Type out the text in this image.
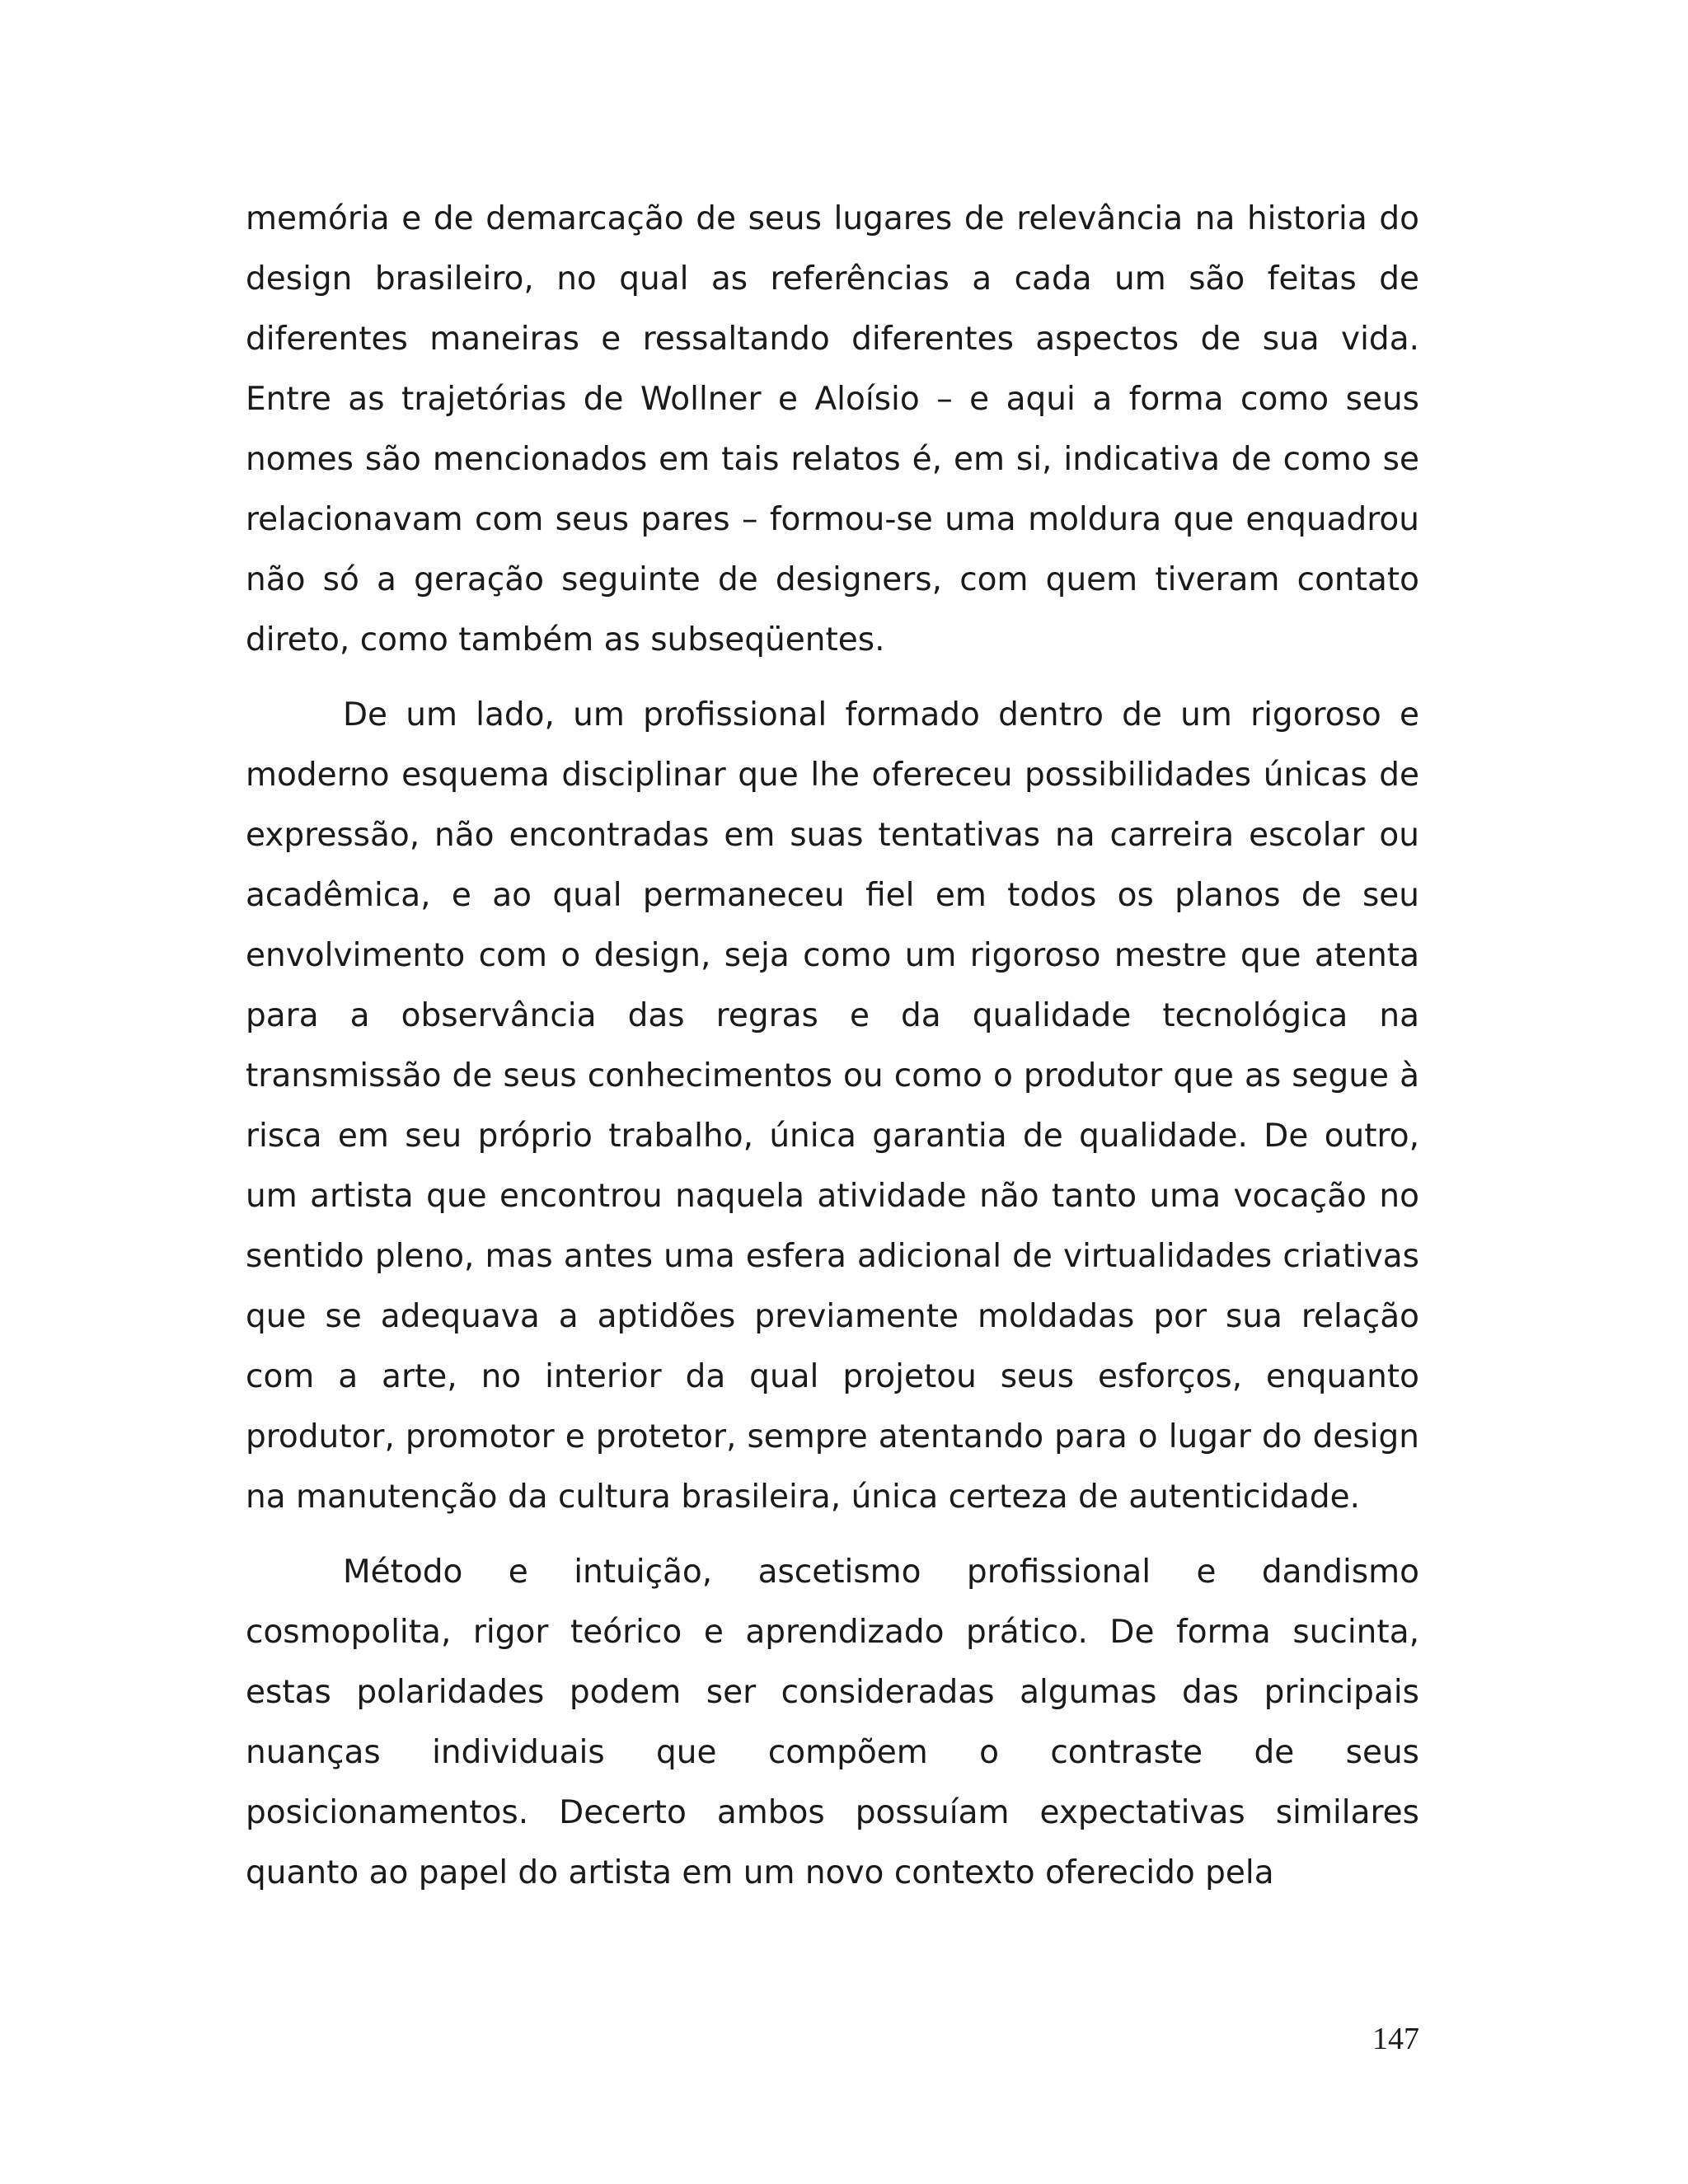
memória e de demarcação de seus lugares de relevância na historia do design brasileiro, no qual as referências a cada um são feitas de diferentes maneiras e ressaltando diferentes aspectos de sua vida. Entre as trajetórias de Wollner e Aloísio – e aqui a forma como seus nomes são mencionados em tais relatos é, em si, indicativa de como se relacionavam com seus pares – formou-se uma moldura que enquadrou não só a geração seguinte de designers, com quem tiveram contato direto, como também as subseqüentes.

De um lado, um profissional formado dentro de um rigoroso e moderno esquema disciplinar que lhe ofereceu possibilidades únicas de expressão, não encontradas em suas tentativas na carreira escolar ou acadêmica, e ao qual permaneceu fiel em todos os planos de seu envolvimento com o design, seja como um rigoroso mestre que atenta para a observância das regras e da qualidade tecnológica na transmissão de seus conhecimentos ou como o produtor que as segue à risca em seu próprio trabalho, única garantia de qualidade. De outro, um artista que encontrou naquela atividade não tanto uma vocação no sentido pleno, mas antes uma esfera adicional de virtualidades criativas que se adequava a aptidões previamente moldadas por sua relação com a arte, no interior da qual projetou seus esforços, enquanto produtor, promotor e protetor, sempre atentando para o lugar do design na manutenção da cultura brasileira, única certeza de autenticidade.

Método e intuição, ascetismo profissional e dandismo cosmopolita, rigor teórico e aprendizado prático. De forma sucinta, estas polaridades podem ser consideradas algumas das principais nuanças individuais que compõem o contraste de seus posicionamentos. Decerto ambos possuíam expectativas similares quanto ao papel do artista em um novo contexto oferecido pela

147
